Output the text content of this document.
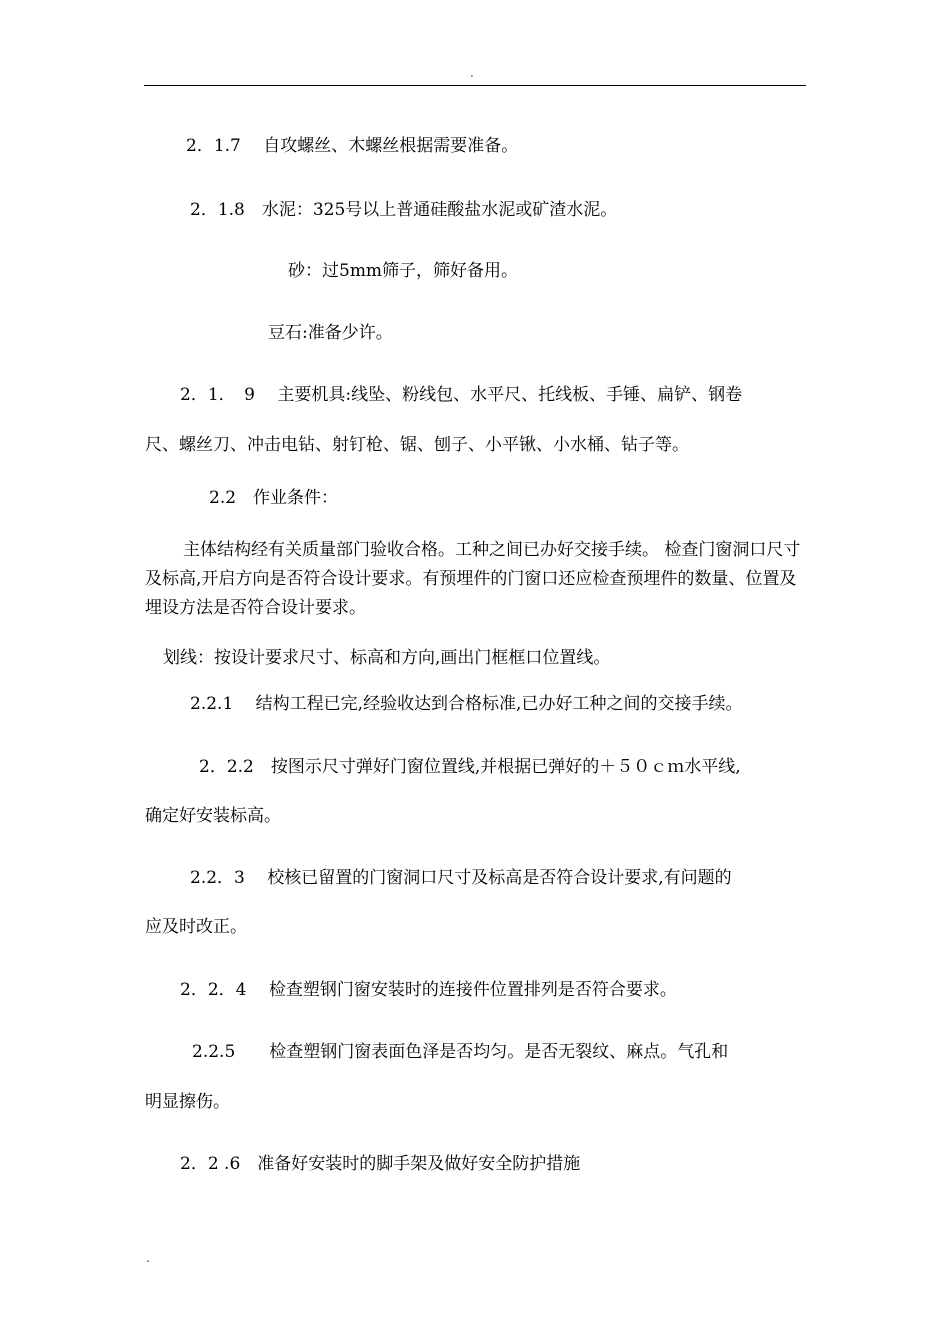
.
2．1.7　 自攻螺丝、木螺丝根据需要准备。
2．1.8　水泥：325号以上普通硅酸盐水泥或矿渣水泥。
砂：过5mm筛子，筛好备用。
豆石:准备少许。
2．1．　9　 主要机具:线坠、粉线包、水平尺、托线板、手锤、扁铲、钢卷
尺、螺丝刀、冲击电钻、射钉枪、锯、刨子、小平锹、小水桶、钻子等。
2.2　作业条件：
主体结构经有关质量部门验收合格。工种之间已办好交接手续。 检查门窗洞口尺寸及标高,开启方向是否符合设计要求。有预埋件的门窗口还应检查预埋件的数量、位置及埋设方法是否符合设计要求。
划线：按设计要求尺寸、标高和方向,画出门框框口位置线。
2.2.1　 结构工程已完,经验收达到合格标准,已办好工种之间的交接手续。
2．2.2　按图示尺寸弹好门窗位置线,并根据已弹好的＋５０ｃｍ水平线,
确定好安装标高。
2.2．3　 校核已留置的门窗洞口尺寸及标高是否符合设计要求,有问题的
应及时改正。
2．2．4　 检查塑钢门窗安装时的连接件位置排列是否符合要求。
2.2.5　　检查塑钢门窗表面色泽是否均匀。是否无裂纹、麻点。气孔和
明显擦伤。
2．2 .6　准备好安装时的脚手架及做好安全防护措施
.
